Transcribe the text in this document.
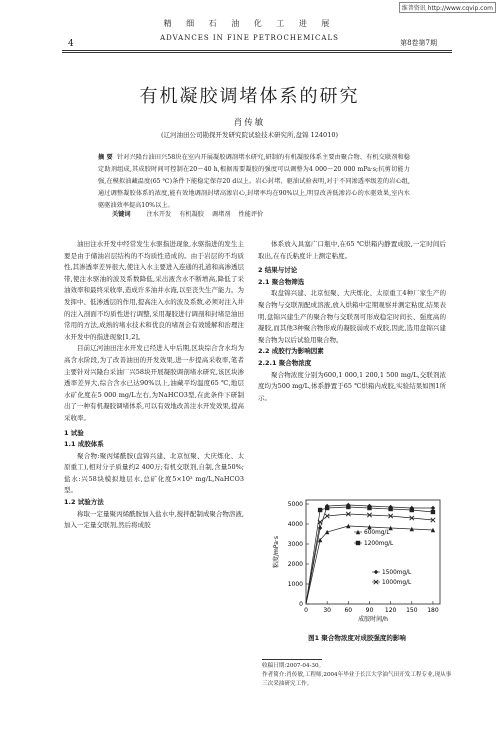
维普资讯 http://www.cqvip.com
精 细 石 油 化 工 进 展
4
ADVANCES IN FINE PETROCHEMICALS
第8卷第7期
有机凝胶调堵体系的研究
肖传敏
(辽河油田公司勘探开发研究院试验技术研究所,盘锦 124010)
摘 要 针对兴隆台油田兴58块在室内开展凝胶调剖堵水研究,研制的有机凝胶体系主要由聚合物、有机交联剂和稳定助剂组成,其成胶时间可控制在20～40 h,根据需要凝胶的强度可以调整为4 000～20 000 mPa·s;抗剪切能力强,在模拟油藏温度(65 ℃)条件下能稳定保存20 d以上。岩心封堵、驱油试验表明,对于不同渗透率级差的岩心组,通过调整凝胶体系的浓度,能有效地调剖封堵高渗岩心,封堵率均在90%以上,明显改善低渗岩心的水驱效果,室内水驱驱油效率提高10%以上。
关键词	注水开发 有机凝胶 调堵剂 性能评价

油田注水开发中经常发生水驱指进现象,水驱指进的发生主要是由于储油岩层结构的不均质性造成的。由于岩层的不均质性,其渗透率差异很大,使注入水主要进入连通的孔道和高渗透层带,使注水驱油的波及系数降低,采出液含水不断增高,降低了采油效率和最终采收率,造成许多油井水淹,以至丧失生产能力。为发挥中、低渗透层的作用,提高注入水的波及系数,必须对注入井的注入剖面不均质性进行调整,采用凝胶进行调剖和封堵是油田常用的方法,成熟的堵水技术和优良的堵剂会有效缓解和治理注水开发中的指进现象[1,2]。

目前辽河油田注水开发已经进入中后期,区块综合含水均为高含水阶段,为了改善油田的开发效果,进一步提高采收率,笔者主要针对兴隆台采油厂兴58块开展凝胶调剖堵水研究,该区块渗透率差异大,综合含水已达90%以上,油藏平均温度65 ℃,地层水矿化度在5 000 mg/L左右,为NaHCO3型,在此条件下研制出了一种有机凝胶调堵体系,可以有效地改善注水开发效果,提高采收率。

1 试验

1.1 成胶体系

聚合物:聚丙烯酰胺(盘锦兴建、北京恒聚、大庆炼化、太原重工),相对分子质量约2 400万;有机交联剂,自制,含量50%;盐水:兴58块模拟地层水,总矿化度5×10³ mg/L,NaHCO3型。

1.2 试验方法

称取一定量聚丙烯酰胺加入盐水中,搅拌配制成聚合物溶液,加入一定量交联剂,然后将成胶

体系放入具塞广口瓶中,在65 ℃烘箱内静置成胶,一定时间后取出,在布氏粘度计上测定粘度。

2 结果与讨论

2.1 聚合物筛选

取盘锦兴建、北京恒聚、大庆炼化、太原重工4种厂家生产的聚合物与交联剂配成溶液,放入烘箱中定期观察并测定粘度,结果表明,盘锦兴建生产的聚合物与交联剂可形成稳定时间长、强度高的凝胶,而其他3种聚合物形成的凝胶弱或不成胶,因此,选用盘锦兴建聚合物为以后试验用聚合物。

2.2 成胶行为影响因素

2.2.1 聚合物浓度

聚合物浓度分别为600,1 000,1 200,1 500 mg/L,交联剂浓度均为500 mg/L,体系静置于65 ℃烘箱内成胶,实验结果如图1所示。

0
1000
2000
3000
4000
5000
0	30 60 90 120 150 180
成胶时间/h
粘度/mPa·s
600mg/L
1200mg/L
1500mg/L
1000mg/L
图1 聚合物浓度对成胶强度的影响
收稿日期:2007-04-30。
作者简介:肖传敏,工程师,2004年毕业于长江大学油气田开发工程专业,现从事三次采油研究工作。
